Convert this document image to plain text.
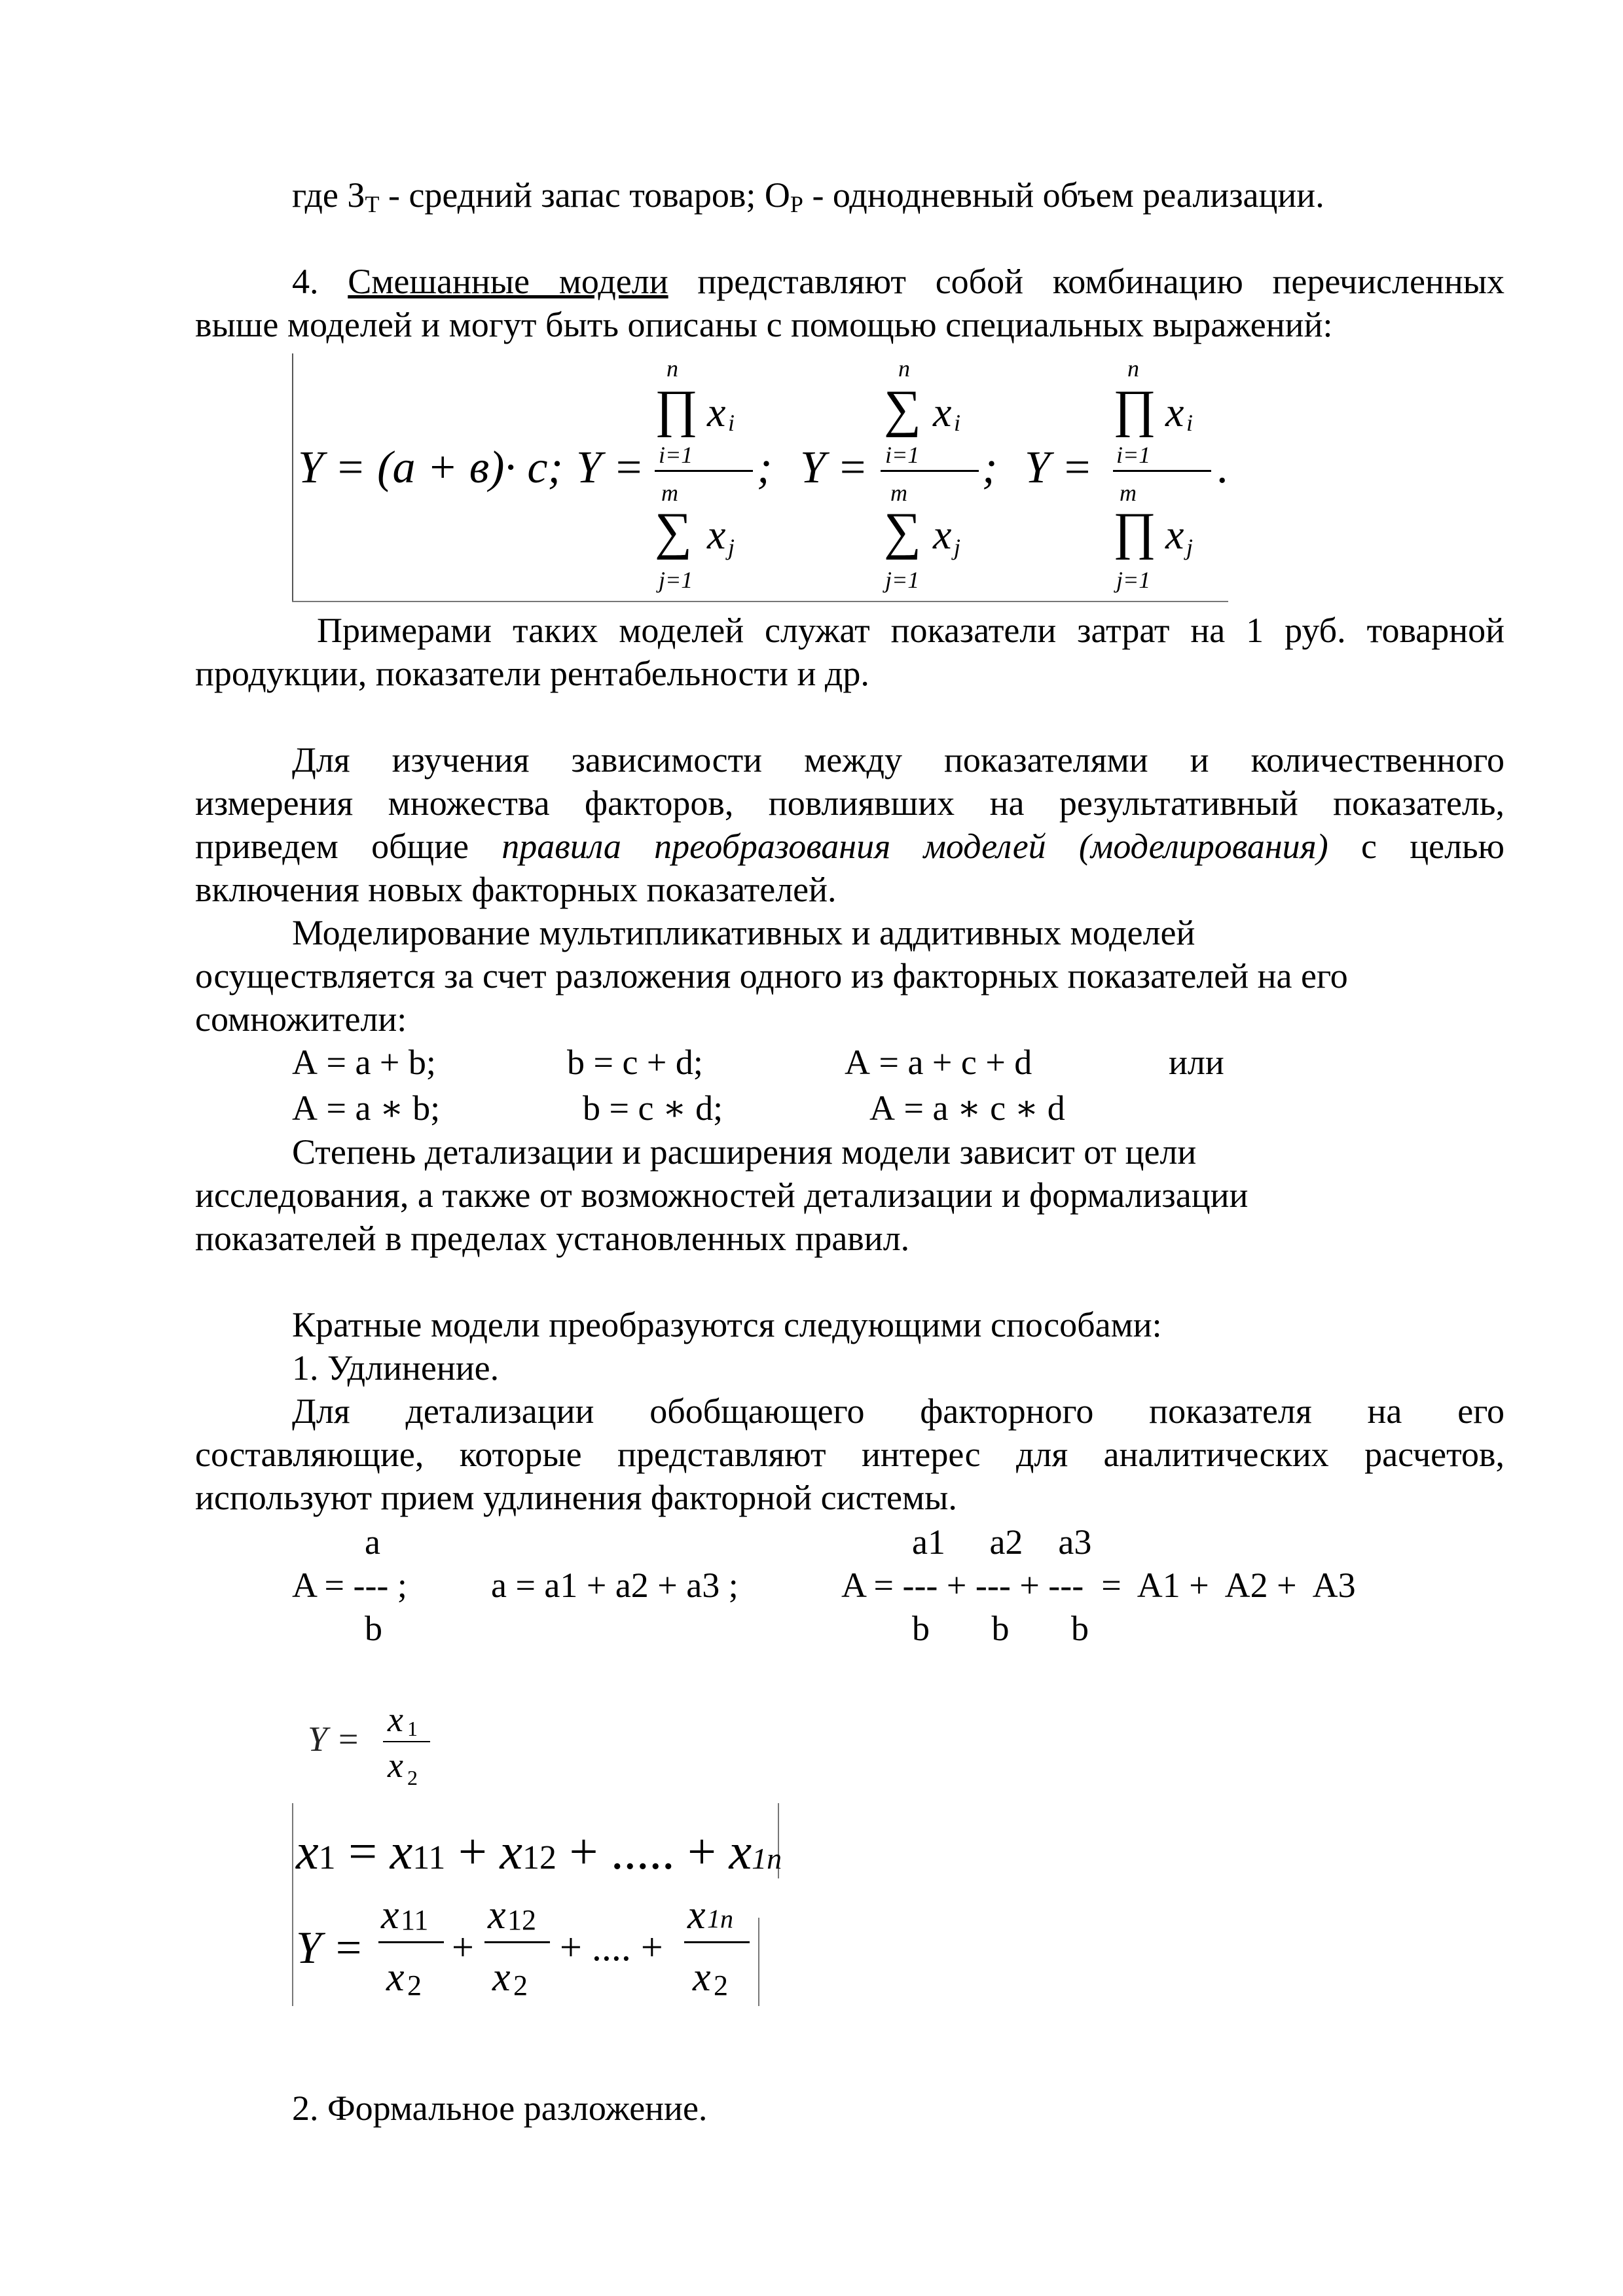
где $З_Т$ - средний запас товаров; $О_Р$ - однодневный объем реализации.
4. Смешанные модели представляют собой комбинацию перечисленных
выше моделей и могут быть описаны с помощью специальных выражений:
Y = (a + в)· c; Y =
n
∏ x i
i=1
m
∑ x j
j=1
; Y =
n
∑ x i
i=1
m
∑ x j
j=1
; Y =
n
∏ x i
i=1
m
∏ x j
j=1
.
Примерами таких моделей служат показатели затрат на 1 руб. товарной
продукции, показатели рентабельности и др.
Для изучения зависимости между показателями и количественного
измерения множества факторов, повлиявших на результативный показатель,
приведем общие правила преобразования моделей (моделирования) с целью
включения новых факторных показателей.
Моделирование мультипликативных и аддитивных моделей
осуществляется за счет разложения одного из факторных показателей на его
сомножители:
А = а + b;	b = c + d;	А = а + с + d	или
А = а ∗ b;	b = c ∗ d;	А = а ∗ с ∗ d
Степень детализации и расширения модели зависит от цели
исследования, а также от возможностей детализации и формализации
показателей в пределах установленных правил.
Кратные модели преобразуются следующими способами:
1. Удлинение.
Для детализации обобщающего факторного показателя на его
составляющие, которые представляют интерес для аналитических расчетов,
используют прием удлинения факторной системы.
a
A = --- ;
b
a = a1 + a2 + a3 ;
a1     a2    a3
A = --- + --- + ---  =  A1 +  A2 +  A3
b       b       b
Y = x 1
x 2
x1 = x11 + x12 + ..... + x1n
Y =
x 11
x 2
+
x 12
x 2
+ .... +
x 1n
x 2
2. Формальное разложение.
